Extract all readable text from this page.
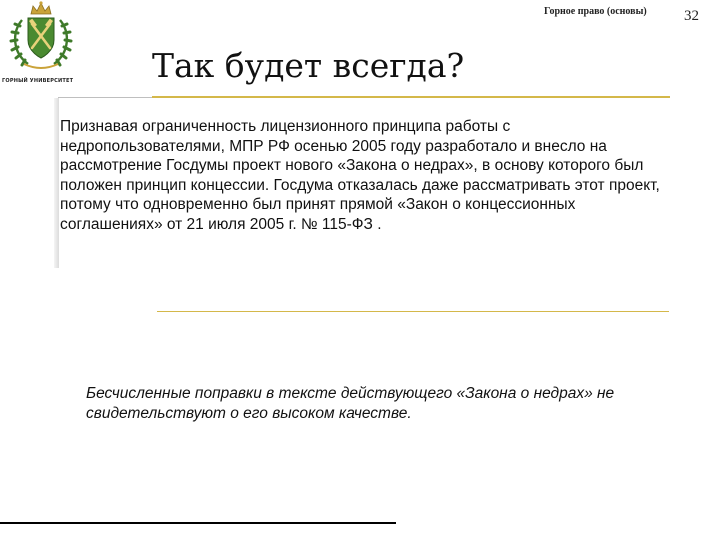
ГОРНЫЙ УНИВЕРСИТЕТ
Горное право (основы) 32
Так будет всегда?
Признавая ограниченность лицензионного принципа работы с недропользователями, МПР РФ осенью 2005 году разработало и внесло на рассмотрение Госдумы проект нового «Закона о недрах», в основу которого был положен принцип концессии. Госдума отказалась даже рассматривать этот проект, потому что одновременно был принят прямой «Закон о концессионных соглашениях» от 21 июля 2005 г. № 115-ФЗ .
Бесчисленные поправки в тексте действующего «Закона о недрах» не свидетельствуют о его высоком качестве.
